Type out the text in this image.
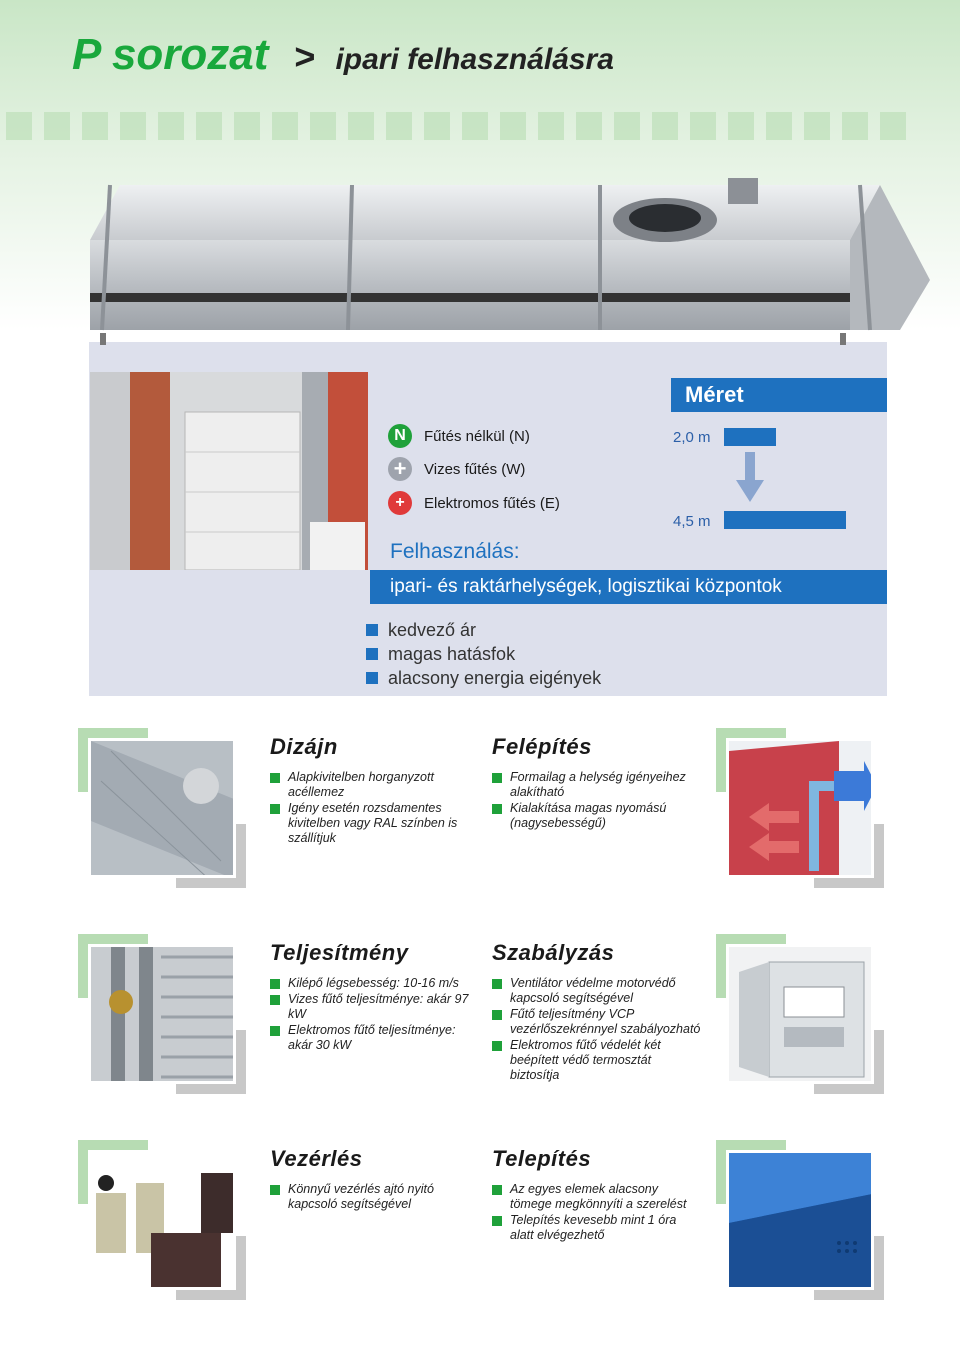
P sorozat > ipari felhasználásra
N	Fűtés nélkül (N)
+	Vizes fűtés (W)
+	Elektromos fűtés (E)
Méret
2,0 m
4,5 m
Felhasználás:
ipari- és raktárhelységek, logisztikai központok
kedvező ár
magas hatásfok
alacsony energia eigények
Dizájn
Alapkivitelben horganyzott acéllemez
Igény esetén rozsdamentes kivitelben vagy RAL színben is szállítjuk
Felépítés
Formailag a helység igényeihez alakítható
Kialakítása magas nyomású (nagysebességű)
Teljesítmény
Kilépő légsebesség: 10-16 m/s
Vizes fűtő teljesítménye: akár 97 kW
Elektromos fűtő teljesítménye: akár 30 kW
Szabályzás
Ventilátor védelme motorvédő kapcsoló segítségével
Fűtő teljesítmény VCP vezérlőszekrénnyel szabályozható
Elektromos fűtő védelét két beépített védő termosztát biztosítja
Vezérlés
Könnyű vezérlés ajtó nyitó kapcsoló segítségével
Telepítés
Az egyes elemek alacsony tömege megkönnyíti a szerelést
Telepítés kevesebb mint 1 óra alatt elvégezhető
